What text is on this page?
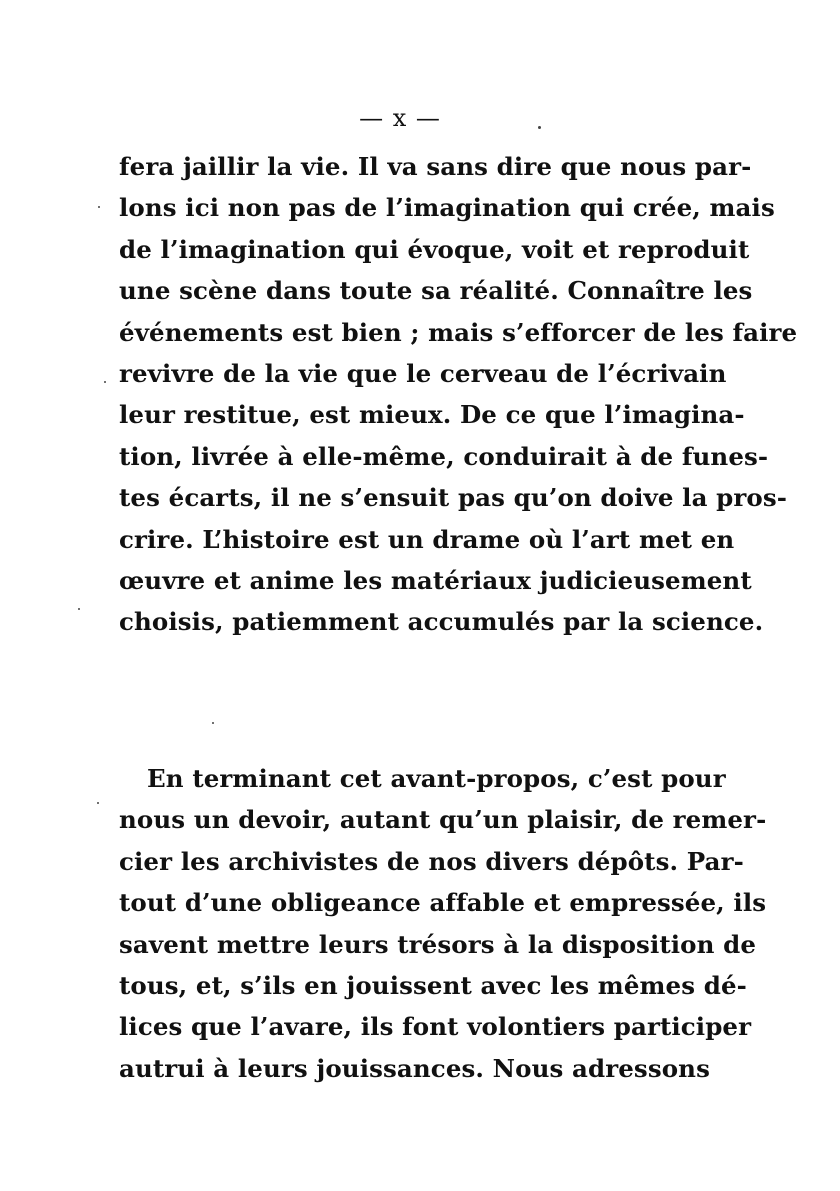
— x —
fera jaillir la vie. Il va sans dire que nous par-
lons ici non pas de l’imagination qui crée, mais
de l’imagination qui évoque, voit et reproduit
une scène dans toute sa réalité. Connaître les
événements est bien ; mais s’efforcer de les faire
revivre de la vie que le cerveau de l’écrivain
leur restitue, est mieux. De ce que l’imagina-
tion, livrée à elle-même, conduirait à de funes-
tes écarts, il ne s’ensuit pas qu’on doive la pros-
crire. L’histoire est un drame où l’art met en
œuvre et anime les matériaux judicieusement
choisis, patiemment accumulés par la science.
En terminant cet avant-propos, c’est pour
nous un devoir, autant qu’un plaisir, de remer-
cier les archivistes de nos divers dépôts. Par-
tout d’une obligeance affable et empressée, ils
savent mettre leurs trésors à la disposition de
tous, et, s’ils en jouissent avec les mêmes dé-
lices que l’avare, ils font volontiers participer
autrui à leurs jouissances. Nous adressons
